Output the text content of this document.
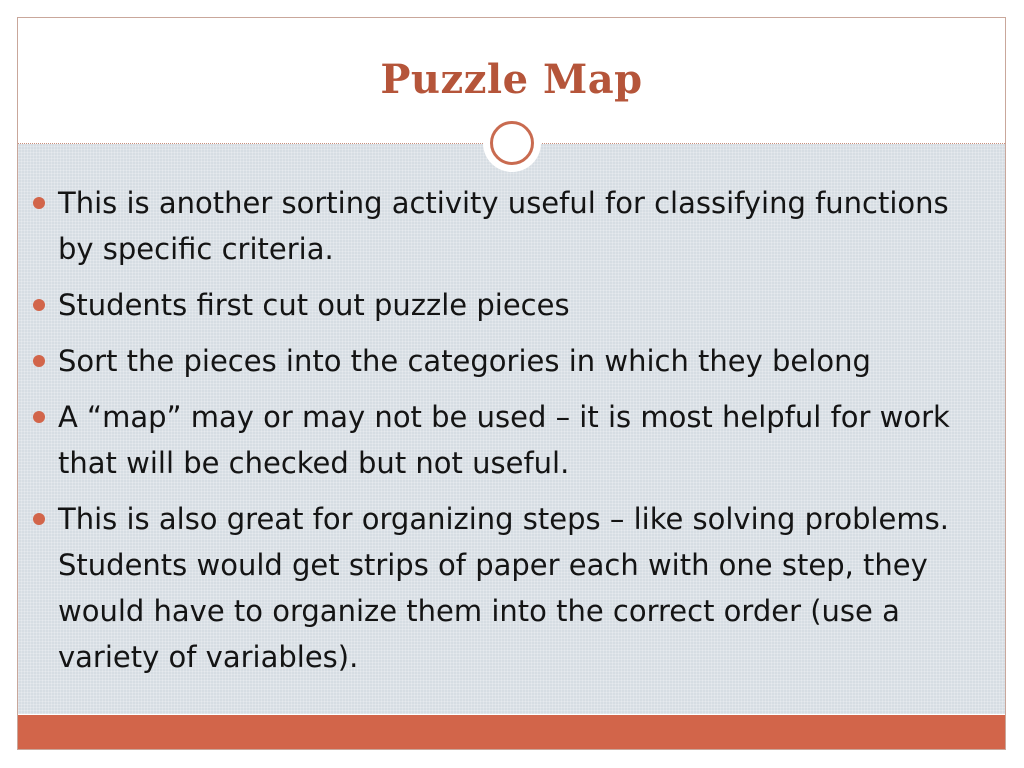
Puzzle Map
This is another sorting activity useful for classifying functions by specific criteria.
Students first cut out puzzle pieces
Sort the pieces into the categories in which they belong
A “map” may or may not be used – it is most helpful for work that will be checked but not useful.
This is also great for organizing steps – like solving problems. Students would get strips of paper each with one step, they would have to organize them into the correct order (use a variety of variables).
